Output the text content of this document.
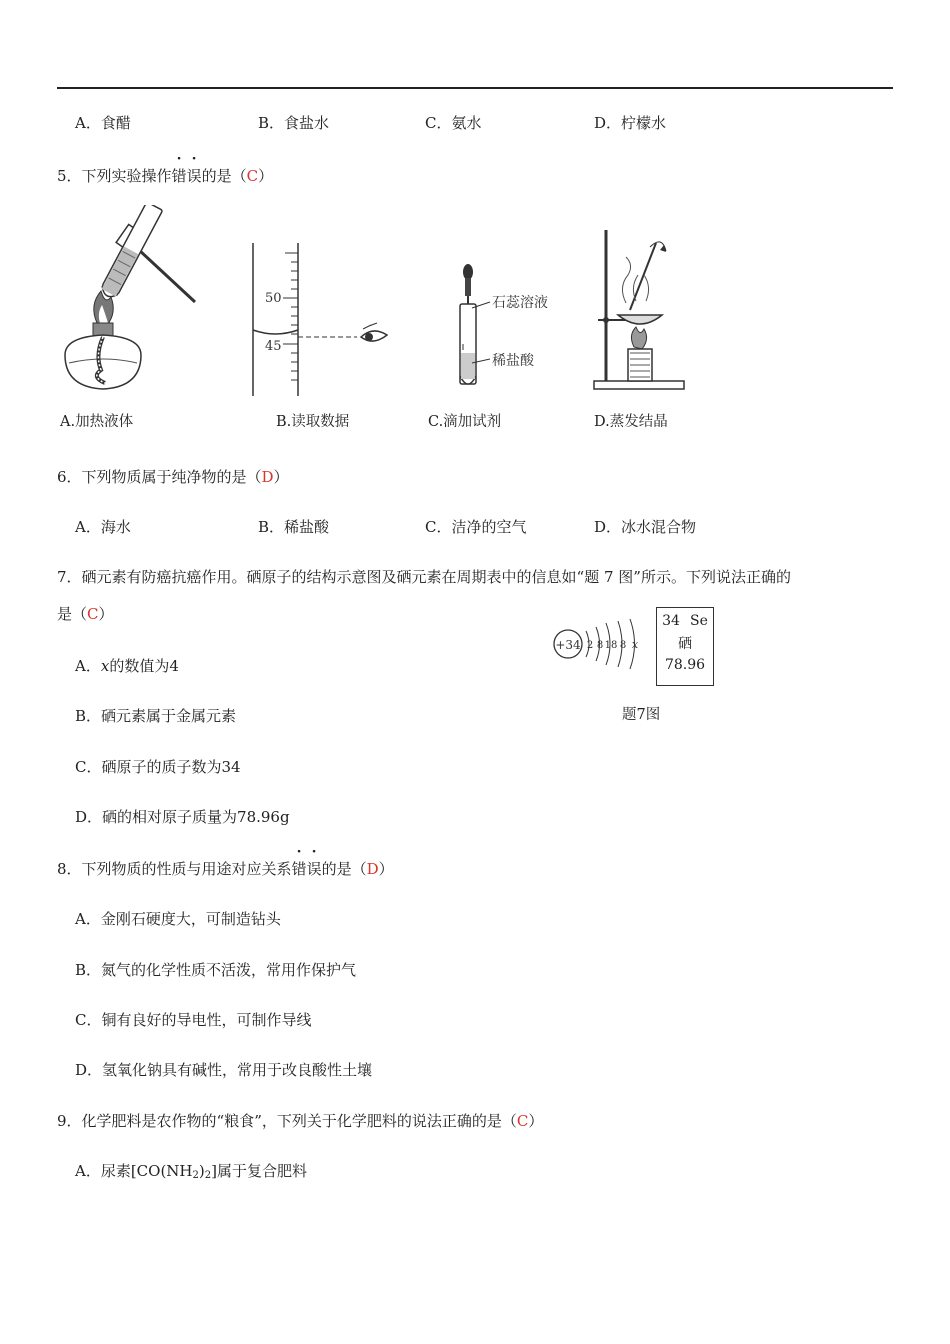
A．食醋	B．食盐水	C．氨水	D．柠檬水
5．下列实验操作错误的是（C）
50
45
石蕊溶液
稀盐酸
A.加热液体	B.读取数据	C.滴加试剂	D.蒸发结晶
6．下列物质属于纯净物的是（D）
A．海水	B．稀盐酸	C．洁净的空气	D．冰水混合物
7．硒元素有防癌抗癌作用。硒原子的结构示意图及硒元素在周期表中的信息如“题 7 图”所示。下列说法正确的
是（C）
A．x的数值为4
B．硒元素属于金属元素
C．硒原子的质子数为34
D．硒的相对原子质量为78.96g
+34 2 8 18 8 x
34 Se
硒
78.96
题7图
8．下列物质的性质与用途对应关系错误的是（D）
A．金刚石硬度大，可制造钻头
B．氮气的化学性质不活泼，常用作保护气
C．铜有良好的导电性，可制作导线
D．氢氧化钠具有碱性，常用于改良酸性土壤
9．化学肥料是农作物的“粮食”，下列关于化学肥料的说法正确的是（C）
A．尿素$[CO(NH_2)_2]$属于复合肥料
